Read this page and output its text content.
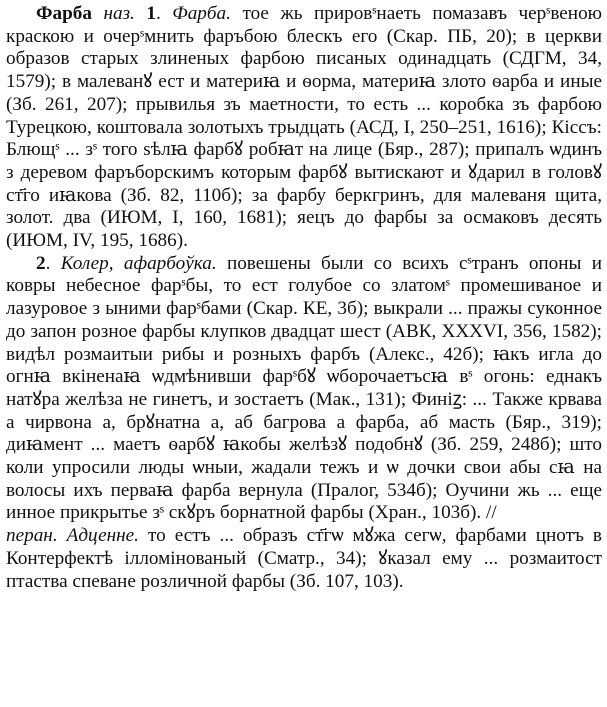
Фарба наз. 1. Фарба. тое жь прировˢнаеть помазавъ черˢвеною краскою и очерˢмнить фаръбою блескъ его (Скар. ПБ, 20); в церкви образов старых злиненых фарбою писаных одинадцать (СДГМ, 34, 1579); в малеванꙋ ест и материꙗ и ѳорма, материꙗ злото ѳарба и иные (Зб. 261, 207); прывилья зъ маетности, то есть ... коробка зъ фарбою Турецкою, коштовала золотыхъ трыдцать (АСД, І, 250–251, 1616); Кiссъ: Блющˢ ... зˢ того ѕѣлꙗ фарбꙋ робꙗт на лице (Бяр., 287); припалъ ѡдинъ з деревом фаръборскимъ которым фарбꙋ вытискают и ꙋдарил в головꙋ ст҃го иꙗкова (Зб. 82, 110б); за фарбу беркгринъ, для малеваня щита, золот. два (ИЮМ, І, 160, 1681); яецъ до фарбы за осмаковъ десять (ИЮМ, IV, 195, 1686).

2. Колер, афарбоўка. повешены были со всихъ сˢтранъ опоны и ковры небесное фарˢбы, то ест голубое со златомˢ промешиваное и лазуровое з ыними фарˢбами (Скар. КЕ, 3б); выкрали ... пражы суконное до запон розное фарбы клупков двадцат шест (АВК, XXXVI, 356, 1582); видѣл розмаитыи рибы и розныхъ фарбъ (Алекс., 42б); ꙗкъ игла до огнꙗ вкіненаꙗ ѡдмѣнивши фарˢбꙋ ѡборочаетъсꙗ вˢ огонь: еднакъ натꙋра желѣза не гинетъ, и зостаетъ (Мак., 131); Финіꙁ: ... Также крвава а чирвона а, брꙋнатна а, аб багрова а фарба, аб масть (Бяр., 319); диꙗмент ... маетъ ѳарбꙋ ꙗкобы желѣзꙋ подобнꙋ (Зб. 259, 248б); што коли упросили люды ѡныи, жадали тежъ и ѡ дочки свои абы сꙗ на волосы ихъ перваꙗ фарба вернула (Пралог, 534б); Оучини жь ... еще инное прикрытье зˢ скꙋръ борнатной фарбы (Хран., 103б). //
перан. Адценне. то естъ ... образъ ст҃гѡ мꙋжа сегѡ, фарбами цнотъ в Контерфектѣ ілломінованый (Сматр., 34); ꙋказал ему ... розмаитост птаства спеване розличной фарбы (Зб. 107, 103).
